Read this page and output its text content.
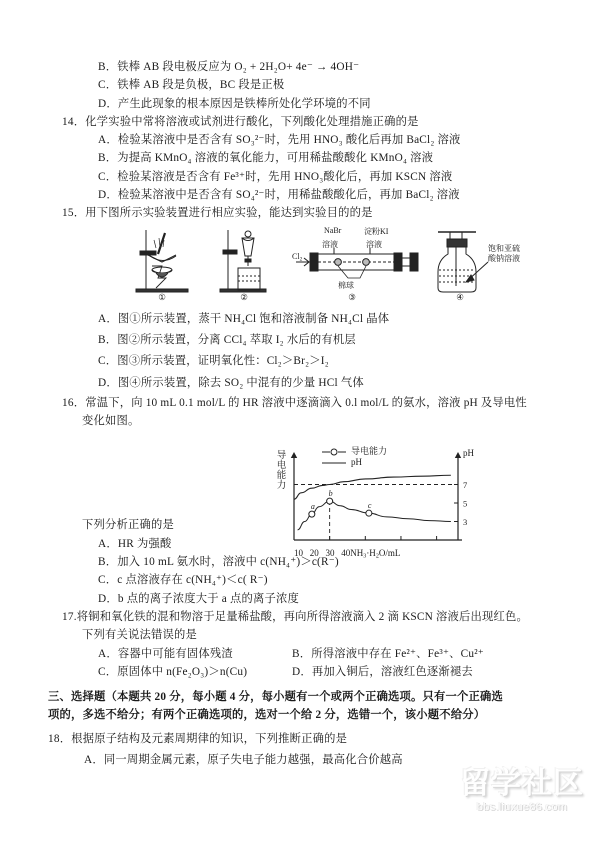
B．铁棒 AB 段电极反应为 O₂ + 2H₂O+ 4e⁻ → 4OH⁻
C．铁棒 AB 段是负极，BC 段是正极
D．产生此现象的根本原因是铁棒所处化学环境的不同
14．化学实验中常将溶液或试剂进行酸化，下列酸化处理措施正确的是
A．检验某溶液中是否含有 SO₃²⁻时，先用 HNO₃ 酸化后再加 BaCl₂ 溶液
B．为提高 KMnO₄ 溶液的氧化能力，可用稀盐酸酸化 KMnO₄ 溶液
C．检验某溶液是否含有 Fe³⁺时，先用 HNO₃酸化后，再加 KSCN 溶液
D．检验某溶液中是否含有 SO₄²⁻时，用稀盐酸酸化后，再加 BaCl₂ 溶液
15．用下图所示实验装置进行相应实验，能达到实验目的的是
NaBr	淀粉KI
溶液	溶液
$Cl_2$
棉球
饱和亚硫
酸钠溶液
①	②	③	④
A．图①所示装置，蒸干 NH₄Cl 饱和溶液制备 NH₄Cl 晶体
B．图②所示装置，分离 CCl₄ 萃取 I₂ 水后的有机层
C．图③所示装置，证明氧化性：Cl₂＞Br₂＞I₂
D．图④所示装置，除去 SO₂ 中混有的少量 HCl 气体
16．常温下，向 10 mL 0.1 mol/L 的 HR 溶液中逐滴滴入 0.l mol/L 的氨水，溶液 pH 及导电性
变化如图。
下列分析正确的是
A．HR 为强酸
B．加入 10 mL 氨水时，溶液中 c(NH₄⁺)＞c(R⁻)
C．c 点溶液存在 c(NH₄⁺)＜c( R⁻)
D．b 点的离子浓度大于 a 点的离子浓度
17.将铜和氧化铁的混和物溶于足量稀盐酸，再向所得溶液滴入 2 滴 KSCN 溶液后出现红色。
下列有关说法错误的是
A．容器中可能有固体残渣	B．所得溶液中存在 Fe²⁺、Fe³⁺、Cu²⁺
C．原固体中 n(Fe₂O₃)＞n(Cu)	D．再加入铜后，溶液红色逐渐褪去
三、选择题（本题共 20 分，每小题 4 分，每小题有一个或两个正确选项。只有一个正确选
项的，多选不给分；有两个正确选项的，选对一个给 2 分，选错一个，该小题不给分）
18．根据原子结构及元素周期律的知识，下列推断正确的是
A．同一周期金属元素，原子失电子能力越强，最高化合价越高
导电能力
导电能力
pH
pH
3
5
7
a
b
c
10 20 30 $40NH_3\cdot H_2O/mL$
留学社区
bbs.liuxue86.com
